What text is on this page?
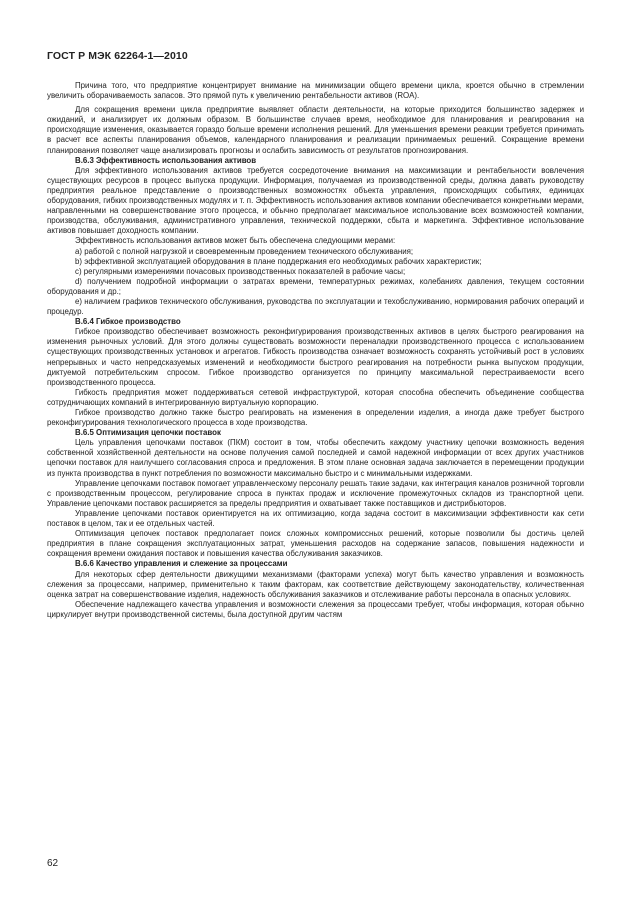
ГОСТ Р МЭК 62264-1—2010

Причина того, что предприятие концентрирует внимание на минимизации общего времени цикла, кроется обычно в стремлении увеличить оборачиваемость запасов. Это прямой путь к увеличению рентабельности активов (ROA).

Для сокращения времени цикла предприятие выявляет области деятельности, на которые приходится большинство задержек и ожиданий, и анализирует их должным образом. В большинстве случаев время, необходимое для планирования и реагирования на происходящие изменения, оказывается гораздо больше времени исполнения решений. Для уменьшения времени реакции требуется принимать в расчет все аспекты планирования объемов, календарного планирования и реализации принимаемых решений. Сокращение времени планирования позволяет чаще анализировать прогнозы и ослабить зависимость от результатов прогнозирования.

В.6.3 Эффективность использования активов

Для эффективного использования активов требуется сосредоточение внимания на максимизации и рентабельности вовлечения существующих ресурсов в процесс выпуска продукции. Информация, получаемая из производственной среды, должна давать руководству предприятия реальное представление о производственных возможностях объекта управления, происходящих событиях, единицах оборудования, гибких производственных модулях и т. п. Эффективность использования активов компании обеспечивается конкретными мерами, направленными на совершенствование этого процесса, и обычно предполагает максимальное использование всех возможностей компании, производства, обслуживания, административного управления, технической поддержки, сбыта и маркетинга. Эффективное использование активов повышает доходность компании.

Эффективность использования активов может быть обеспечена следующими мерами:

а) работой с полной нагрузкой и своевременным проведением технического обслуживания;

b) эффективной эксплуатацией оборудования в плане поддержания его необходимых рабочих характеристик;

с) регулярными измерениями почасовых производственных показателей в рабочие часы;

d) получением подробной информации о затратах времени, температурных режимах, колебаниях давления, текущем состоянии оборудования и др.;

е) наличием графиков технического обслуживания, руководства по эксплуатации и техобслуживанию, нормирования рабочих операций и процедур.

В.6.4 Гибкое производство

Гибкое производство обеспечивает возможность реконфигурирования производственных активов в целях быстрого реагирования на изменения рыночных условий. Для этого должны существовать возможности переналадки производственного процесса с использованием существующих производственных установок и агрегатов. Гибкость производства означает возможность сохранять устойчивый рост в условиях непрерывных и часто непредсказуемых изменений и необходимости быстрого реагирования на потребности рынка выпуском продукции, диктуемой потребительским спросом. Гибкое производство организуется по принципу максимальной перестраиваемости всего производственного процесса.

Гибкость предприятия может поддерживаться сетевой инфраструктурой, которая способна обеспечить объединение сообщества сотрудничающих компаний в интегрированную виртуальную корпорацию.

Гибкое производство должно также быстро реагировать на изменения в определении изделия, а иногда даже требует быстрого реконфигурирования технологического процесса в ходе производства.

В.6.5 Оптимизация цепочки поставок

Цель управления цепочками поставок (ПКМ) состоит в том, чтобы обеспечить каждому участнику цепочки возможность ведения собственной хозяйственной деятельности на основе получения самой последней и самой надежной информации от всех других участников цепочки поставок для наилучшего согласования спроса и предложения. В этом плане основная задача заключается в перемещении продукции из пункта производства в пункт потребления по возможности максимально быстро и с минимальными издержками.

Управление цепочками поставок помогает управленческому персоналу решать такие задачи, как интеграция каналов розничной торговли с производственным процессом, регулирование спроса в пунктах продаж и исключение промежуточных складов из транспортной цепи. Управление цепочками поставок расширяется за пределы предприятия и охватывает также поставщиков и дистрибьюторов.

Управление цепочками поставок ориентируется на их оптимизацию, когда задача состоит в максимизации эффективности как сети поставок в целом, так и ее отдельных частей.

Оптимизация цепочек поставок предполагает поиск сложных компромиссных решений, которые позволили бы достичь целей предприятия в плане сокращения эксплуатационных затрат, уменьшения расходов на содержание запасов, повышения надежности и сокращения времени ожидания поставок и повышения качества обслуживания заказчиков.

В.6.6 Качество управления и слежение за процессами

Для некоторых сфер деятельности движущими механизмами (факторами успеха) могут быть качество управления и возможность слежения за процессами, например, применительно к таким факторам, как соответствие действующему законодательству, количественная оценка затрат на совершенствование изделия, надежность обслуживания заказчиков и отслеживание работы персонала в опасных условиях.

Обеспечение надлежащего качества управления и возможности слежения за процессами требует, чтобы информация, которая обычно циркулирует внутри производственной системы, была доступной другим частям

62
